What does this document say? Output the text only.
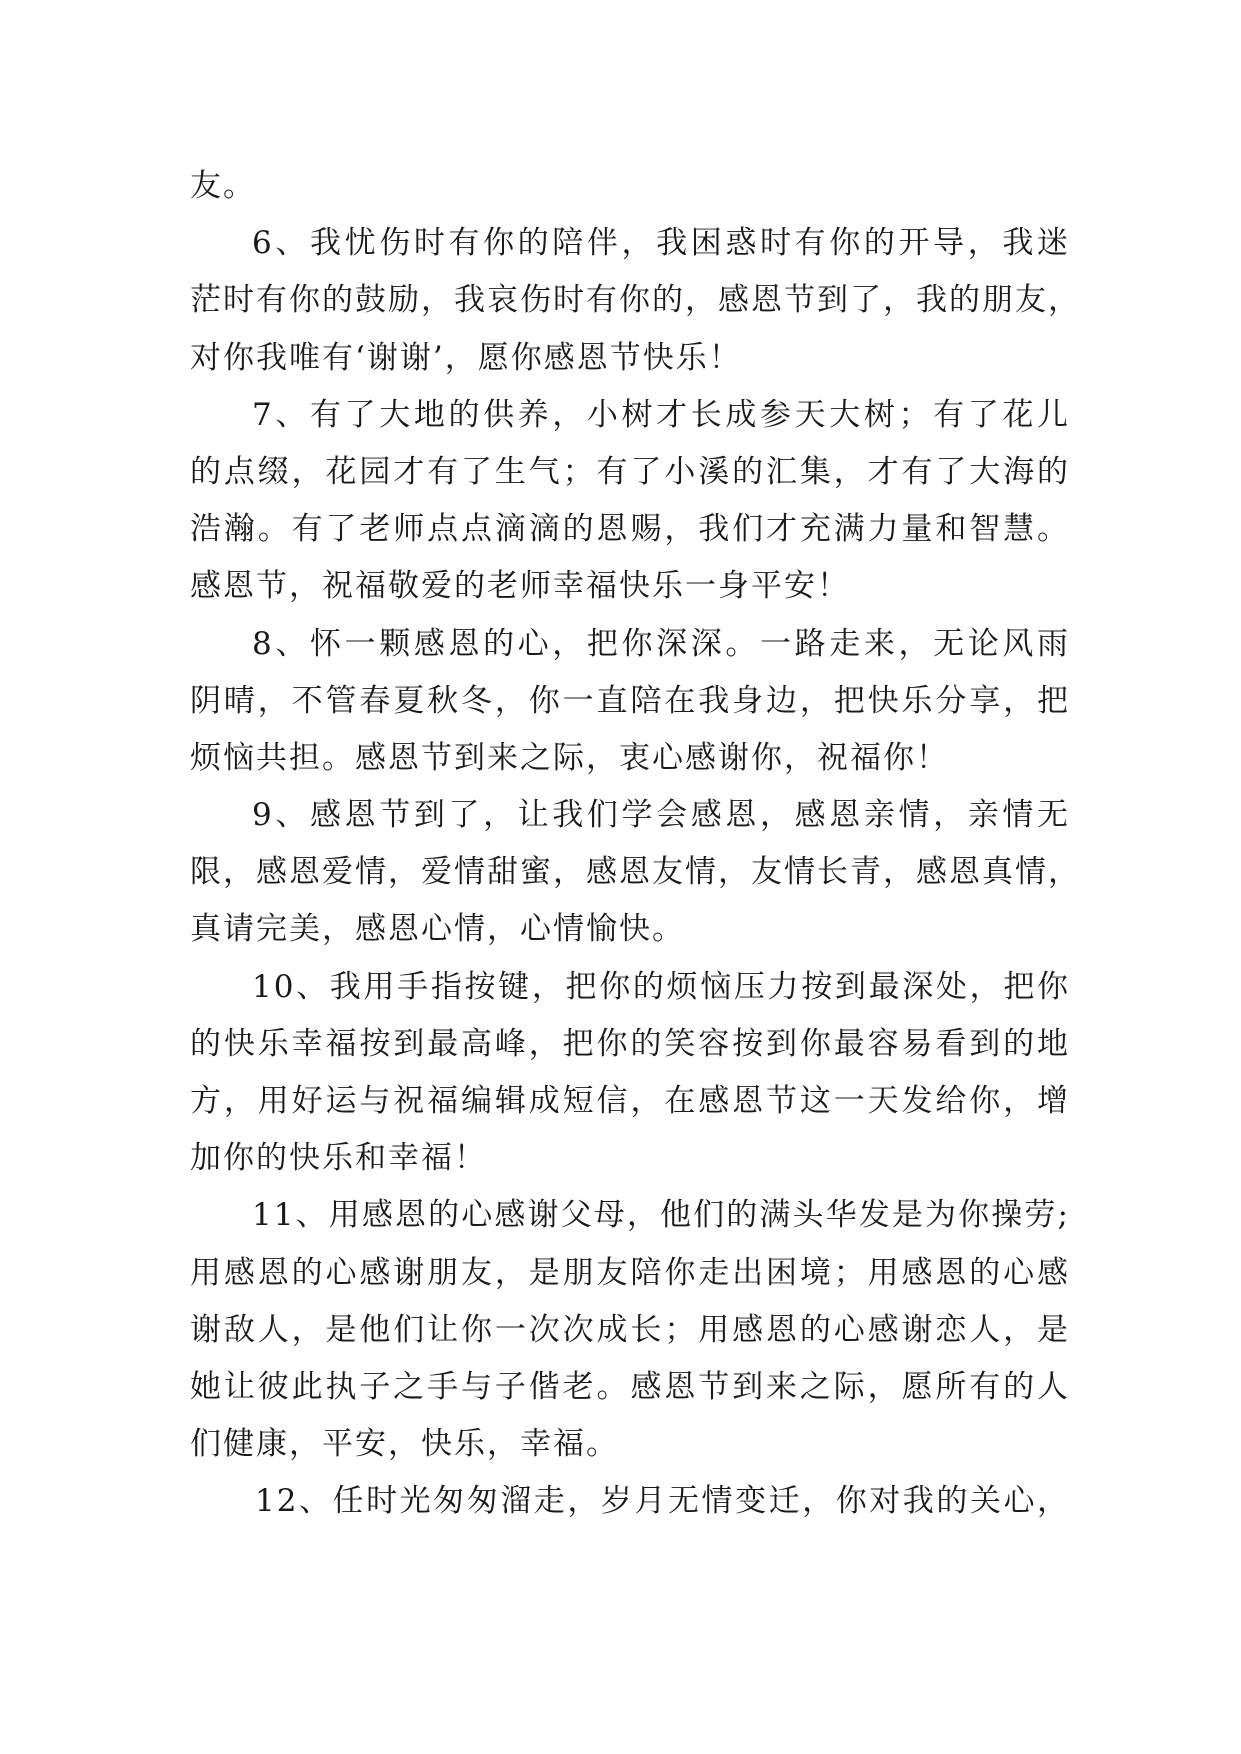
友。
6、我忧伤时有你的陪伴，我困惑时有你的开导，我迷
茫时有你的鼓励，我哀伤时有你的，感恩节到了，我的朋友，
对你我唯有‘谢谢’，愿你感恩节快乐！
7、有了大地的供养，小树才长成参天大树；有了花儿
的点缀，花园才有了生气；有了小溪的汇集，才有了大海的
浩瀚。有了老师点点滴滴的恩赐，我们才充满力量和智慧。
感恩节，祝福敬爱的老师幸福快乐一身平安！
8、怀一颗感恩的心，把你深深。一路走来，无论风雨
阴晴，不管春夏秋冬，你一直陪在我身边，把快乐分享，把
烦恼共担。感恩节到来之际，衷心感谢你，祝福你！
9、感恩节到了，让我们学会感恩，感恩亲情，亲情无
限，感恩爱情，爱情甜蜜，感恩友情，友情长青，感恩真情，
真请完美，感恩心情，心情愉快。
10、我用手指按键，把你的烦恼压力按到最深处，把你
的快乐幸福按到最高峰，把你的笑容按到你最容易看到的地
方，用好运与祝福编辑成短信，在感恩节这一天发给你，增
加你的快乐和幸福！
11、用感恩的心感谢父母，他们的满头华发是为你操劳;
用感恩的心感谢朋友，是朋友陪你走出困境；用感恩的心感
谢敌人，是他们让你一次次成长；用感恩的心感谢恋人，是
她让彼此执子之手与子偕老。感恩节到来之际，愿所有的人
们健康，平安，快乐，幸福。
12、任时光匆匆溜走，岁月无情变迁，你对我的关心，
